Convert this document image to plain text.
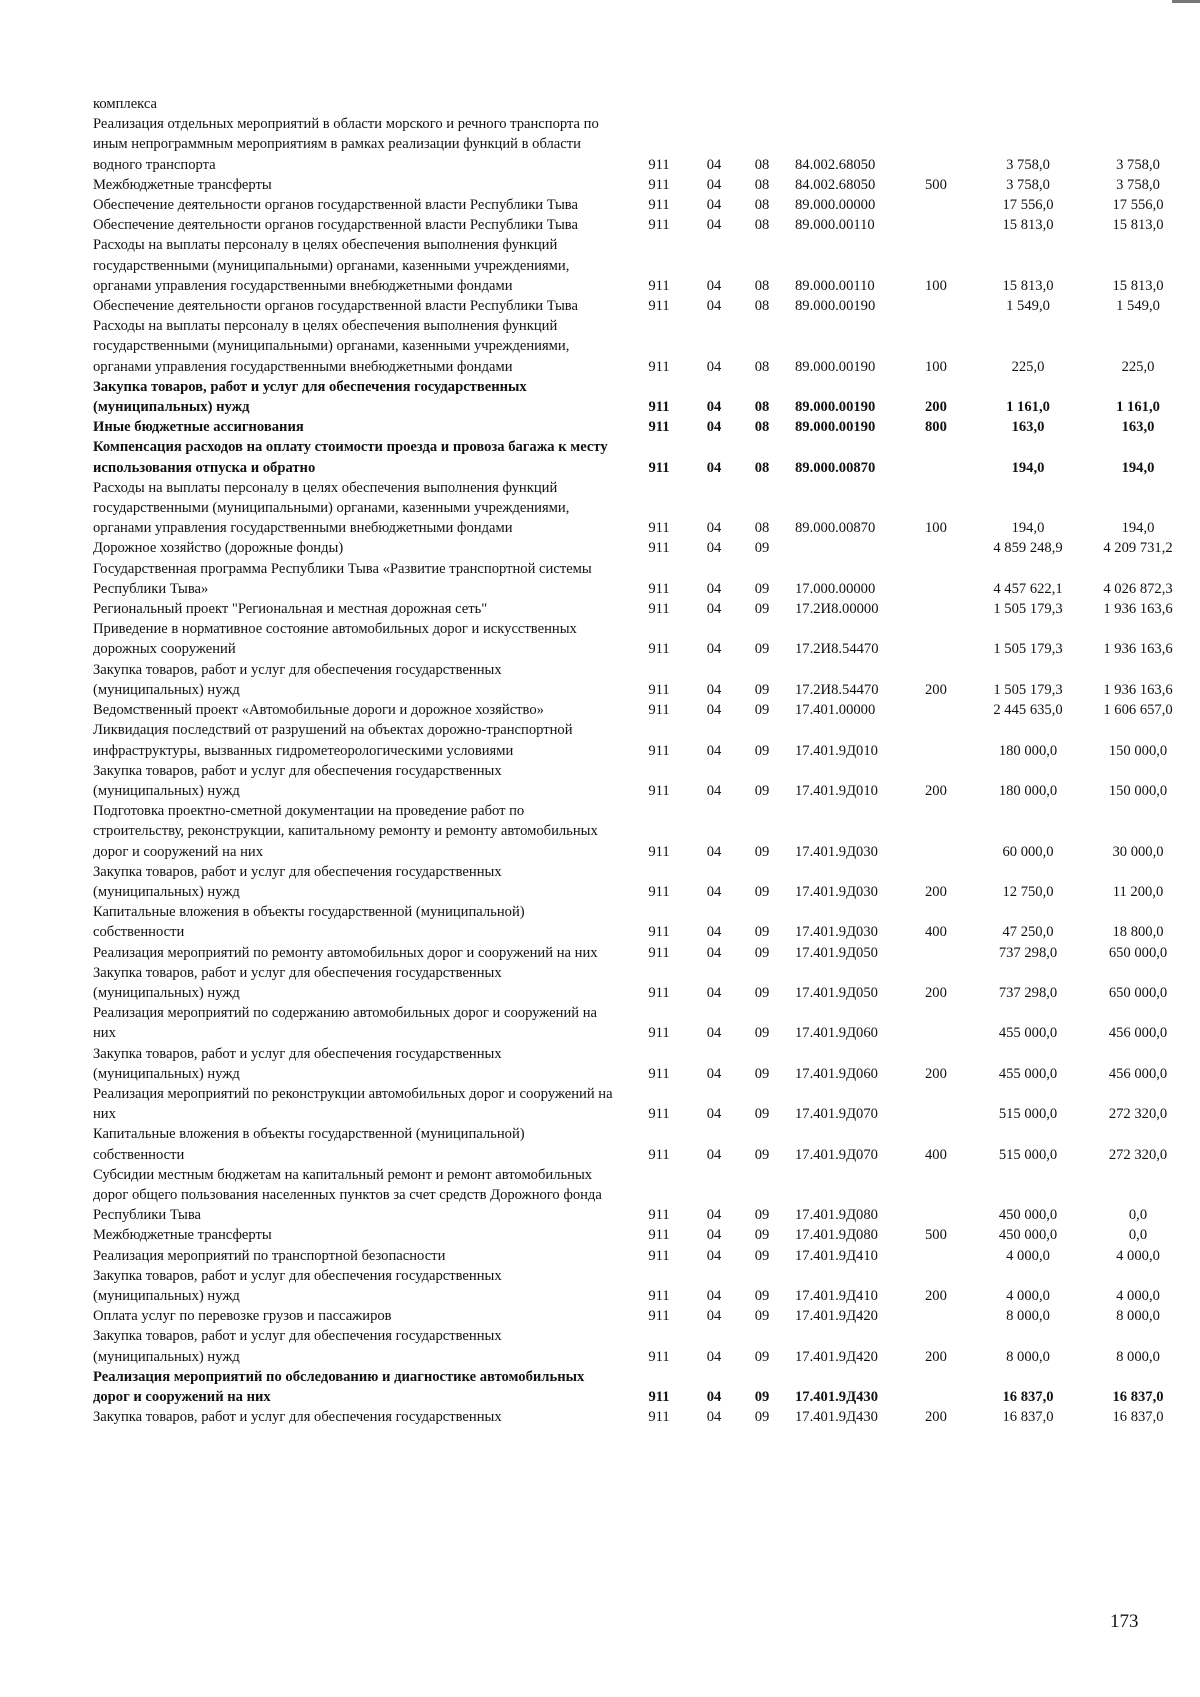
комплекса							
Реализация отдельных мероприятий в области морского и речного транспорта по иным непрограммным мероприятиям в рамках реализации функций в области водного транспорта	911	04	08	84.002.68050		3 758,0	3 758,0
Межбюджетные трансферты	911	04	08	84.002.68050	500	3 758,0	3 758,0
Обеспечение деятельности органов государственной власти Республики Тыва	911	04	08	89.000.00000		17 556,0	17 556,0
Обеспечение деятельности органов государственной власти Республики Тыва	911	04	08	89.000.00110		15 813,0	15 813,0
Расходы на выплаты персоналу в целях обеспечения выполнения функций государственными (муниципальными) органами, казенными учреждениями, органами управления государственными внебюджетными фондами	911	04	08	89.000.00110	100	15 813,0	15 813,0
Обеспечение деятельности органов государственной власти Республики Тыва	911	04	08	89.000.00190		1 549,0	1 549,0
Расходы на выплаты персоналу в целях обеспечения выполнения функций государственными (муниципальными) органами, казенными учреждениями, органами управления государственными внебюджетными фондами	911	04	08	89.000.00190	100	225,0	225,0
Закупка товаров, работ и услуг для обеспечения государственных (муниципальных) нужд	911	04	08	89.000.00190	200	1 161,0	1 161,0
Иные бюджетные ассигнования	911	04	08	89.000.00190	800	163,0	163,0
Компенсация расходов на оплату стоимости проезда и провоза багажа к месту использования отпуска и обратно	911	04	08	89.000.00870		194,0	194,0
Расходы на выплаты персоналу в целях обеспечения выполнения функций государственными (муниципальными) органами, казенными учреждениями, органами управления государственными внебюджетными фондами	911	04	08	89.000.00870	100	194,0	194,0
Дорожное хозяйство (дорожные фонды)	911	04	09			4 859 248,9	4 209 731,2
Государственная программа Республики Тыва «Развитие транспортной системы Республики Тыва»	911	04	09	17.000.00000		4 457 622,1	4 026 872,3
Региональный проект "Региональная и местная дорожная сеть"	911	04	09	17.2И8.00000		1 505 179,3	1 936 163,6
Приведение в нормативное состояние автомобильных дорог и искусственных дорожных сооружений	911	04	09	17.2И8.54470		1 505 179,3	1 936 163,6
Закупка товаров, работ и услуг для обеспечения государственных (муниципальных) нужд	911	04	09	17.2И8.54470	200	1 505 179,3	1 936 163,6
Ведомственный проект «Автомобильные дороги и дорожное хозяйство»	911	04	09	17.401.00000		2 445 635,0	1 606 657,0
Ликвидация последствий от разрушений на объектах дорожно-транспортной инфраструктуры, вызванных гидрометеорологическими условиями	911	04	09	17.401.9Д010		180 000,0	150 000,0
Закупка товаров, работ и услуг для обеспечения государственных (муниципальных) нужд	911	04	09	17.401.9Д010	200	180 000,0	150 000,0
Подготовка проектно-сметной документации на проведение работ по строительству, реконструкции, капитальному ремонту и ремонту автомобильных дорог и сооружений на них	911	04	09	17.401.9Д030		60 000,0	30 000,0
Закупка товаров, работ и услуг для обеспечения государственных (муниципальных) нужд	911	04	09	17.401.9Д030	200	12 750,0	11 200,0
Капитальные вложения в объекты государственной (муниципальной) собственности	911	04	09	17.401.9Д030	400	47 250,0	18 800,0
Реализация мероприятий по ремонту автомобильных дорог и сооружений на них	911	04	09	17.401.9Д050		737 298,0	650 000,0
Закупка товаров, работ и услуг для обеспечения государственных (муниципальных) нужд	911	04	09	17.401.9Д050	200	737 298,0	650 000,0
Реализация мероприятий по содержанию автомобильных дорог и сооружений на них	911	04	09	17.401.9Д060		455 000,0	456 000,0
Закупка товаров, работ и услуг для обеспечения государственных (муниципальных) нужд	911	04	09	17.401.9Д060	200	455 000,0	456 000,0
Реализация мероприятий по реконструкции автомобильных дорог и сооружений на них	911	04	09	17.401.9Д070		515 000,0	272 320,0
Капитальные вложения в объекты государственной (муниципальной) собственности	911	04	09	17.401.9Д070	400	515 000,0	272 320,0
Субсидии местным бюджетам на капитальный ремонт и ремонт автомобильных дорог общего пользования населенных пунктов за счет средств Дорожного фонда Республики Тыва	911	04	09	17.401.9Д080		450 000,0	0,0
Межбюджетные трансферты	911	04	09	17.401.9Д080	500	450 000,0	0,0
Реализация мероприятий по транспортной безопасности	911	04	09	17.401.9Д410		4 000,0	4 000,0
Закупка товаров, работ и услуг для обеспечения государственных (муниципальных) нужд	911	04	09	17.401.9Д410	200	4 000,0	4 000,0
Оплата услуг по перевозке грузов и пассажиров	911	04	09	17.401.9Д420		8 000,0	8 000,0
Закупка товаров, работ и услуг для обеспечения государственных (муниципальных) нужд	911	04	09	17.401.9Д420	200	8 000,0	8 000,0
Реализация мероприятий по обследованию и диагностике автомобильных дорог и сооружений на них	911	04	09	17.401.9Д430		16 837,0	16 837,0
Закупка товаров, работ и услуг для обеспечения государственных	911	04	09	17.401.9Д430	200	16 837,0	16 837,0
173
